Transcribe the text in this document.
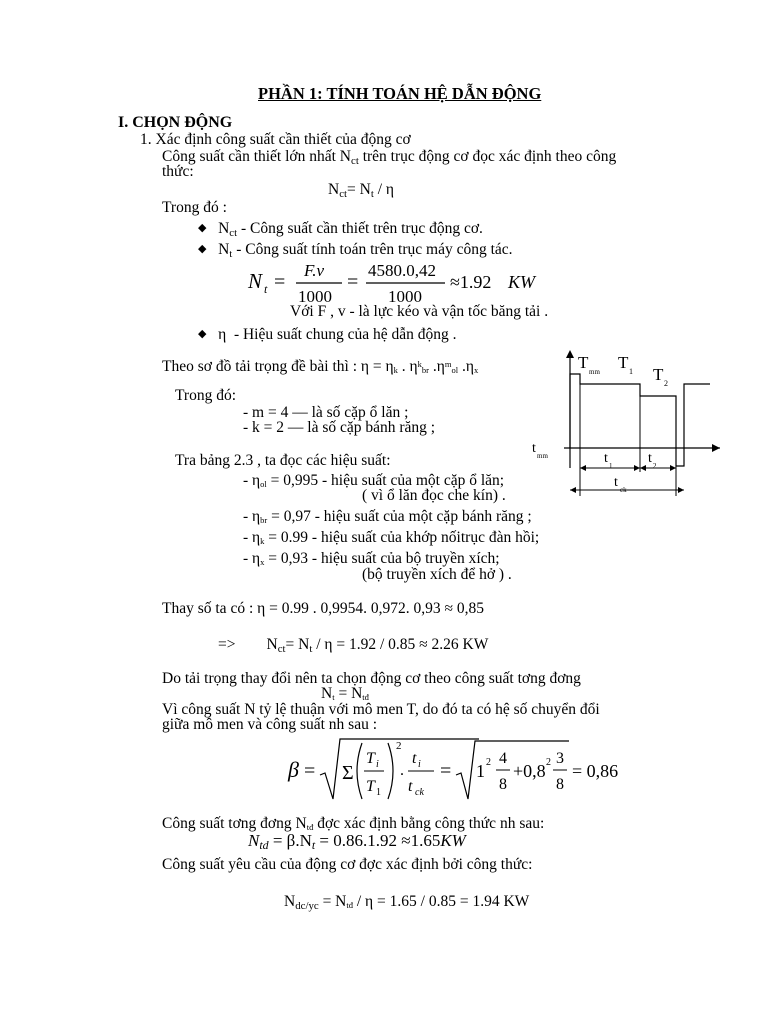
PHẦN 1: TÍNH TOÁN HỆ DẪN ĐỘNG
I. CHỌN ĐỘNG
1. Xác định công suất cần thiết của động cơ
Công suất cần thiết lớn nhất Nct trên trục động cơ đọc xác định theo công
thức:
Nct= Nt / η
Trong đó :
◆ Nct - Công suất cần thiết trên trục động cơ.
◆ Nt - Công suất tính toán trên trục máy công tác.
N t =
F.v
1000
=
4580.0,42
1000
≈1.92 KW
Với F , v - là lực kéo và vận tốc băng tải .
◆ η - Hiệu suất chung của hệ dẫn động .
Theo sơ đồ tải trọng đề bài thì : η = ηk . $\eta^kbr$ $.\eta^mol$ .ηx
Trong đó:
- m = 4 — là số cặp ổ lăn ;
- k = 2 — là số cặp bánh răng ;
Tra bảng 2.3 , ta đọc các hiệu suất:
- ηol = 0,995 - hiệu suất của một cặp ổ lăn;
( vì ổ lăn đọc che kín) .
- ηbr = 0,97 - hiệu suất của một cặp bánh răng ;
- ηk = 0.99 - hiệu suất của khớp nốitrục đàn hồi;
- ηx = 0,93 - hiệu suất của bộ truyền xích;
(bộ truyền xích để hở ) .
Thay số ta có : η = 0.99 . 0,9954. 0,972. 0,93 ≈ 0,85
=> Nct= Nt / η = 1.92 / 0.85 ≈ 2.26 KW
Do tải trọng thay đổi nên ta chọn động cơ theo công suất tơng đơng
Nt = Ntđ
Vì công suất N tỷ lệ thuận với mô men T, do đó ta có hệ số chuyển đổi
giữa mô men và công suất nh sau :
β = Σ
T i
T 1
2
.
t i
t ck
= 1 2 4
8
+0,8 2 3
8
= 0,86
Công suất tơng đơng Ntđ đợc xác định bằng công thức nh sau:
Ntd = β.Nt = 0.86.1.92 ≈1.65KW
Công suất yêu cầu của động cơ đợc xác định bởi công thức:
Ndc/yc = Ntđ / η = 1.65 / 0.85 = 1.94 KW
T mm T 1 T 2
t mm	t 1	t 2
t ck
